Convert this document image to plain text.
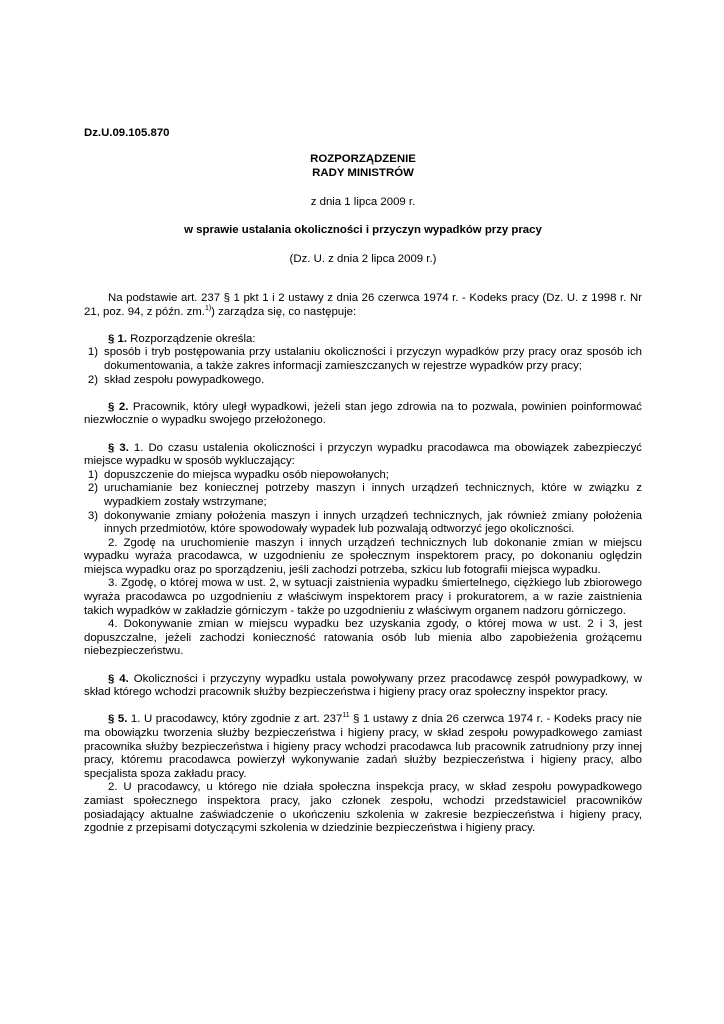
Dz.U.09.105.870
ROZPORZĄDZENIE
RADY MINISTRÓW
z dnia 1 lipca 2009 r.
w sprawie ustalania okoliczności i przyczyn wypadków przy pracy
(Dz. U. z dnia 2 lipca 2009 r.)

Na podstawie art. 237 § 1 pkt 1 i 2 ustawy z dnia 26 czerwca 1974 r. - Kodeks pracy (Dz. U. z 1998 r. Nr 21, poz. 94, z późn. zm.$^{1)}$) zarządza się, co następuje:

§ 1. Rozporządzenie określa:

1) sposób i tryb postępowania przy ustalaniu okoliczności i przyczyn wypadków przy pracy oraz sposób ich dokumentowania, a także zakres informacji zamieszczanych w rejestrze wypadków przy pracy;
2) skład zespołu powypadkowego.

§ 2. Pracownik, który uległ wypadkowi, jeżeli stan jego zdrowia na to pozwala, powinien poinformować niezwłocznie o wypadku swojego przełożonego.

§ 3. 1. Do czasu ustalenia okoliczności i przyczyn wypadku pracodawca ma obowiązek zabezpieczyć miejsce wypadku w sposób wykluczający:

1) dopuszczenie do miejsca wypadku osób niepowołanych;
2) uruchamianie bez koniecznej potrzeby maszyn i innych urządzeń technicznych, które w związku z wypadkiem zostały wstrzymane;
3) dokonywanie zmiany położenia maszyn i innych urządzeń technicznych, jak również zmiany położenia innych przedmiotów, które spowodowały wypadek lub pozwalają odtworzyć jego okoliczności.

2. Zgodę na uruchomienie maszyn i innych urządzeń technicznych lub dokonanie zmian w miejscu wypadku wyraża pracodawca, w uzgodnieniu ze społecznym inspektorem pracy, po dokonaniu oględzin miejsca wypadku oraz po sporządzeniu, jeśli zachodzi potrzeba, szkicu lub fotografii miejsca wypadku.

3. Zgodę, o której mowa w ust. 2, w sytuacji zaistnienia wypadku śmiertelnego, ciężkiego lub zbiorowego wyraża pracodawca po uzgodnieniu z właściwym inspektorem pracy i prokuratorem, a w razie zaistnienia takich wypadków w zakładzie górniczym - także po uzgodnieniu z właściwym organem nadzoru górniczego.

4. Dokonywanie zmian w miejscu wypadku bez uzyskania zgody, o której mowa w ust. 2 i 3, jest dopuszczalne, jeżeli zachodzi konieczność ratowania osób lub mienia albo zapobieżenia grożącemu niebezpieczeństwu.

§ 4. Okoliczności i przyczyny wypadku ustala powoływany przez pracodawcę zespół powypadkowy, w skład którego wchodzi pracownik służby bezpieczeństwa i higieny pracy oraz społeczny inspektor pracy.

§ 5. 1. U pracodawcy, który zgodnie z art. $237^{11}$ § 1 ustawy z dnia 26 czerwca 1974 r. - Kodeks pracy nie ma obowiązku tworzenia służby bezpieczeństwa i higieny pracy, w skład zespołu powypadkowego zamiast pracownika służby bezpieczeństwa i higieny pracy wchodzi pracodawca lub pracownik zatrudniony przy innej pracy, któremu pracodawca powierzył wykonywanie zadań służby bezpieczeństwa i higieny pracy, albo specjalista spoza zakładu pracy.

2. U pracodawcy, u którego nie działa społeczna inspekcja pracy, w skład zespołu powypadkowego zamiast społecznego inspektora pracy, jako członek zespołu, wchodzi przedstawiciel pracowników posiadający aktualne zaświadczenie o ukończeniu szkolenia w zakresie bezpieczeństwa i higieny pracy, zgodnie z przepisami dotyczącymi szkolenia w dziedzinie bezpieczeństwa i higieny pracy.
